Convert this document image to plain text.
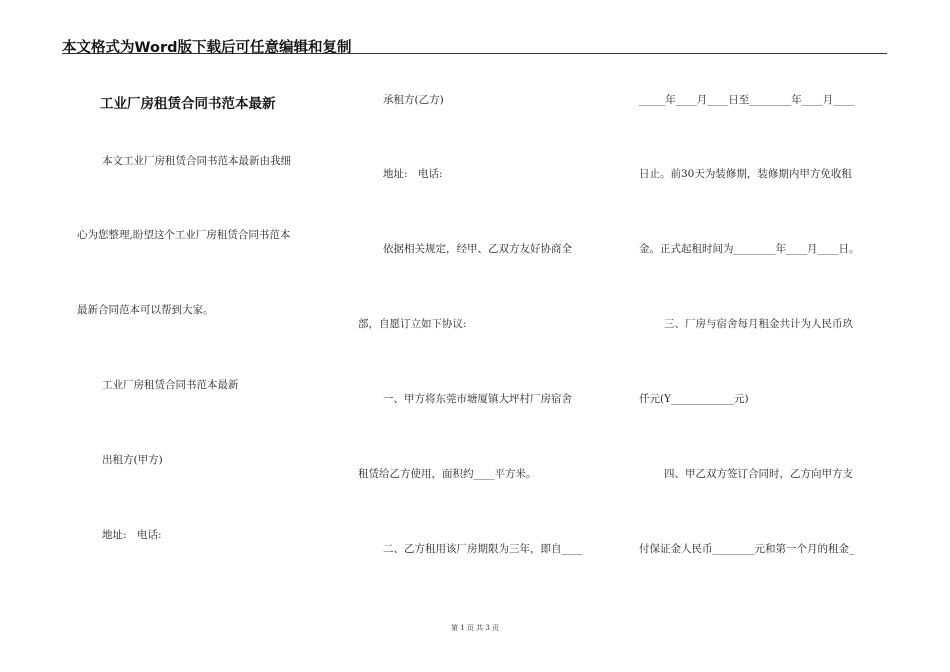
本文格式为Word版下载后可任意编辑和复制
工业厂房租赁合同书范本最新
本文工业厂房租赁合同书范本最新由我细
心为您整理,盼望这个工业厂房租赁合同书范本
最新合同范本可以帮到大家。
工业厂房租赁合同书范本最新
出租方(甲方)
地址:　电话:
承租方(乙方)
地址:　电话:
依据相关规定，经甲、乙双方友好协商全
部，自愿订立如下协议:
一、甲方将东莞市塘厦镇大坪村厂房宿舍
租赁给乙方使用，面积约____平方米。
二、乙方租用该厂房期限为三年，即自____
_____年____月____日至________年____月____
日止。前30天为装修期，装修期内甲方免收租
金。正式起租时间为________年____月____日。
三、厂房与宿舍每月租金共计为人民币玖
仟元(Y____________元)
四、甲乙双方签订合同时，乙方向甲方支
付保证金人民币________元和第一个月的租金_
第 1 页 共 3 页
